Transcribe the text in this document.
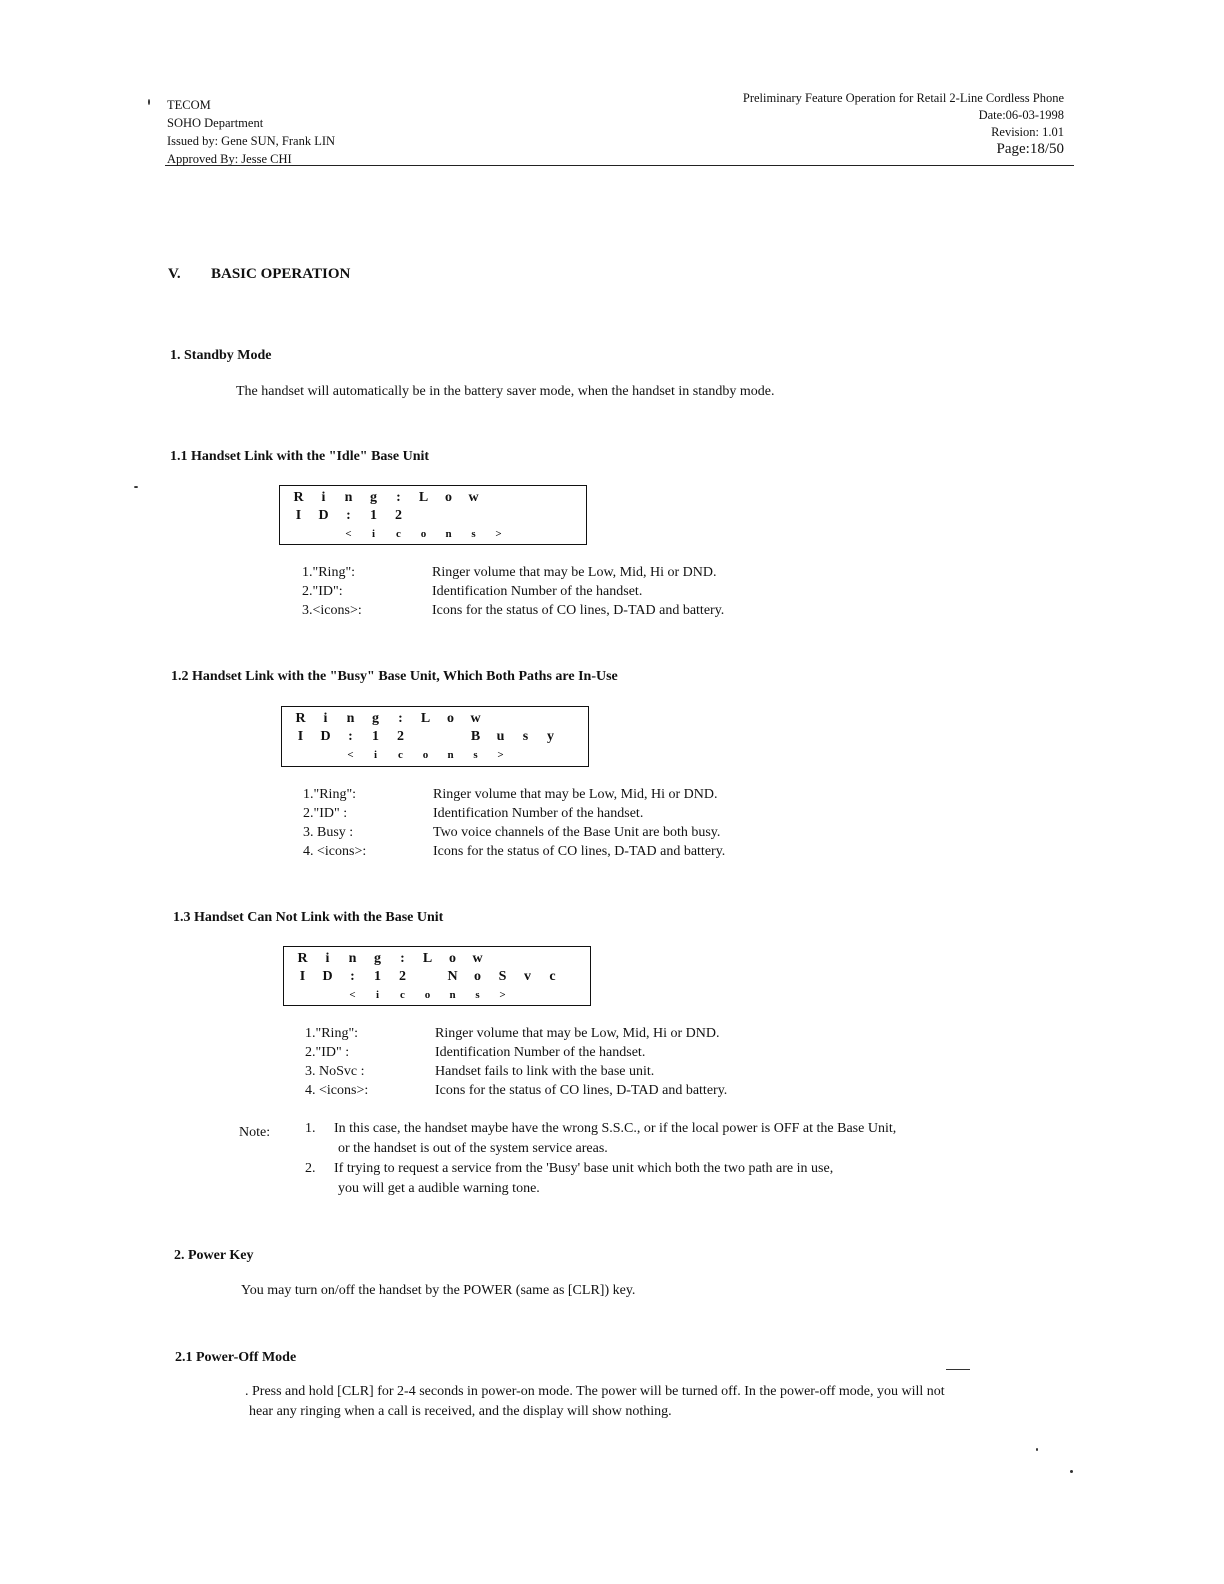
TECOM
SOHO Department
Issued by: Gene SUN, Frank LIN
Approved By: Jesse CHI
Preliminary Feature Operation for Retail 2-Line Cordless Phone
Date:06-03-1998
Revision: 1.01
Page:18/50
V. BASIC OPERATION
1. Standby Mode
The handset will automatically be in the battery saver mode, when the handset in standby mode.
1.1 Handset Link with the "Idle" Base Unit
R i n g : L o w
I D : 1 2
< i c o n s >
1."Ring":	Ringer volume that may be Low, Mid, Hi or DND.
2."ID":	Identification Number of the handset.
3.<icons>:	Icons for the status of CO lines, D-TAD and battery.
1.2 Handset Link with the "Busy" Base Unit, Which Both Paths are In-Use
R i n g : L o w
I D : 1 2	B u s y
< i c o n s >
1."Ring":	Ringer volume that may be Low, Mid, Hi or DND.
2."ID" :	Identification Number of the handset.
3. Busy :	Two voice channels of the Base Unit are both busy.
4. <icons>:	Icons for the status of CO lines, D-TAD and battery.
1.3 Handset Can Not Link with the Base Unit
R i n g : L o w
I D : 1 2	N o S v c
< i c o n s >
1."Ring":	Ringer volume that may be Low, Mid, Hi or DND.
2."ID" :	Identification Number of the handset.
3. NoSvc :	Handset fails to link with the base unit.
4. <icons>:	Icons for the status of CO lines, D-TAD and battery.
Note: 1. In this case, the handset maybe have the wrong S.S.C., or if the local power is OFF at the Base Unit,
or the handset is out of the system service areas.
2. If trying to request a service from the 'Busy' base unit which both the two path are in use,
you will get a audible warning tone.
2. Power Key
You may turn on/off the handset by the POWER (same as [CLR]) key.
2.1 Power-Off Mode
. Press and hold [CLR] for 2-4 seconds in power-on mode. The power will be turned off. In the power-off mode, you will not
hear any ringing when a call is received, and the display will show nothing.
